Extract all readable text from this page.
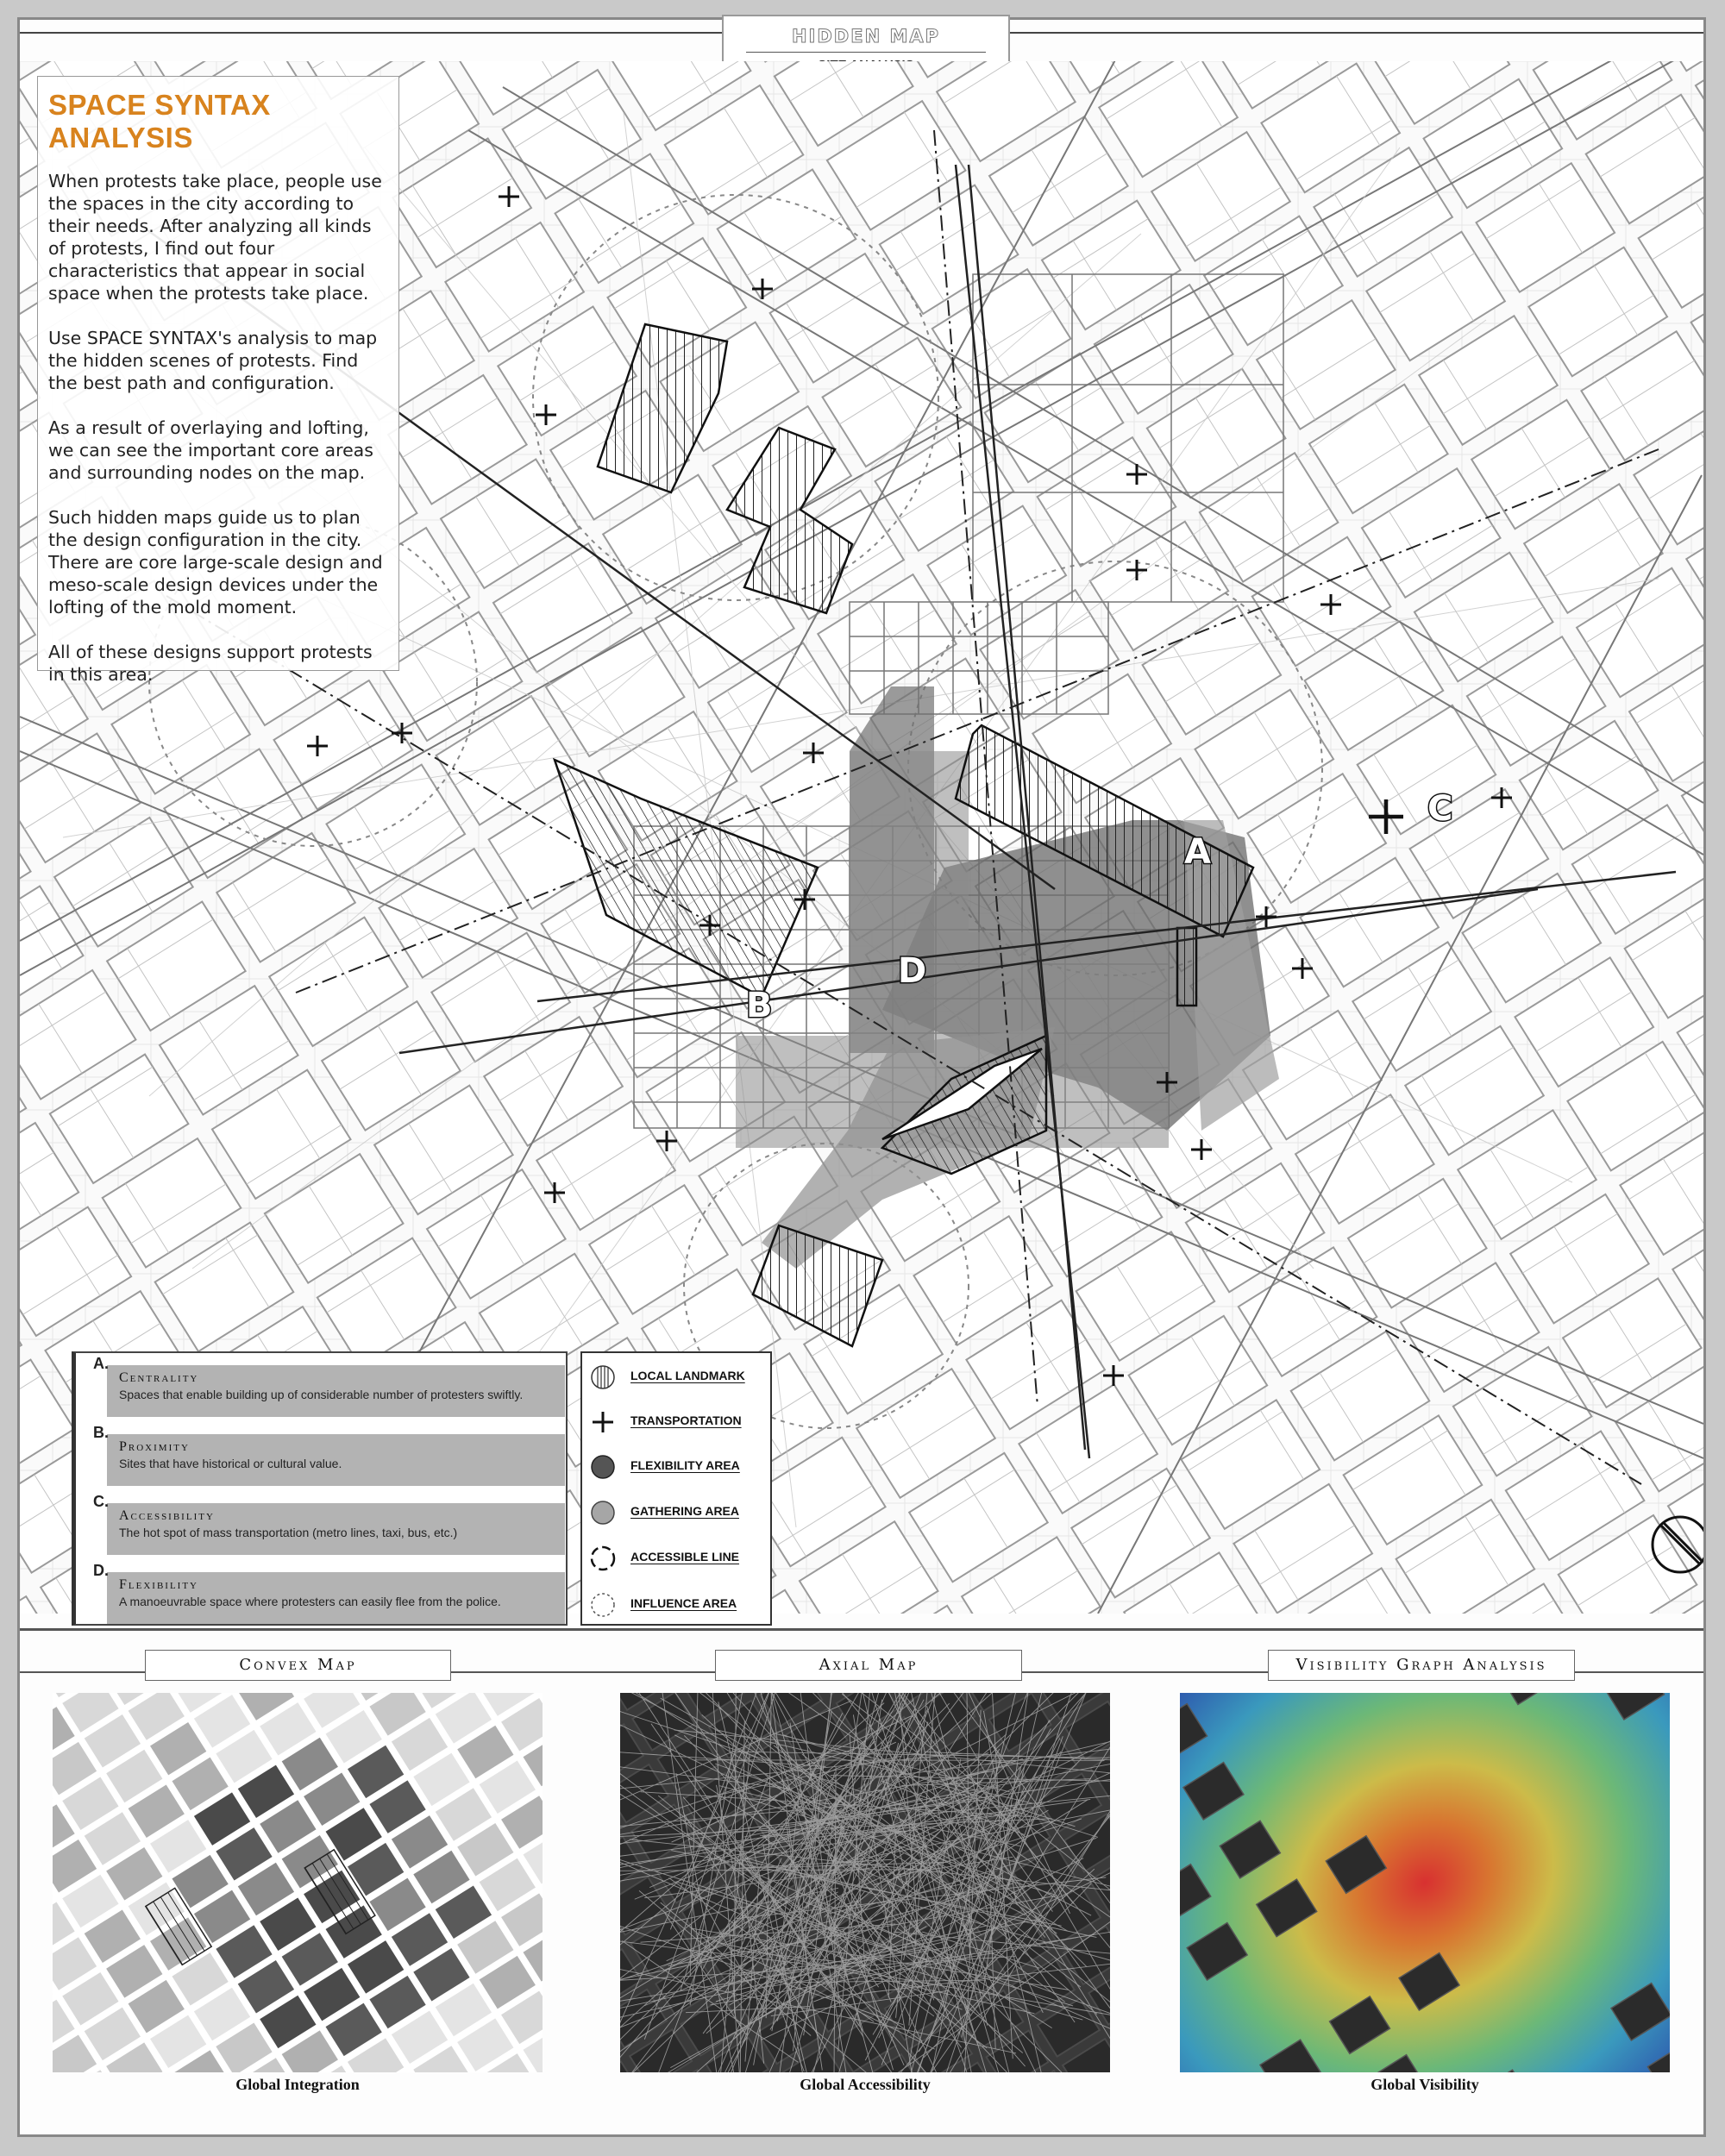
HIDDEN MAP
A
B
C
D
SPACE SYNTAX ANALYSIS

When protests take place, people use the spaces in the city according to their needs. After analyzing all kinds of protests, I find out four characteristics that appear in social space when the protests take place.

Use SPACE SYNTAX's analysis to map the hidden scenes of protests. Find the best path and configuration.

As a result of overlaying and lofting, we can see the important core areas and surrounding nodes on the map.

Such hidden maps guide us to plan the design configuration in the city. There are core large-scale design and meso-scale design devices under the lofting of the mold moment.

All of these designs support protests in this area.

A.
Centrality
Spaces that enable building up of considerable number of protesters swiftly.
B.
Proximity
Sites that have historical or cultural value.
C.
Accessibility
The hot spot of mass transportation (metro lines, taxi, bus, etc.)
D.
Flexibility
A manoeuvrable space where protesters can easily flee from the police.
LOCAL LANDMARK
TRANSPORTATION
FLEXIBILITY AREA
GATHERING AREA
ACCESSIBLE LINE
INFLUENCE AREA
Convex Map	Axial Map	Visibility Graph Analysis
Global Integration	Global Accessibility	Global Visibility
